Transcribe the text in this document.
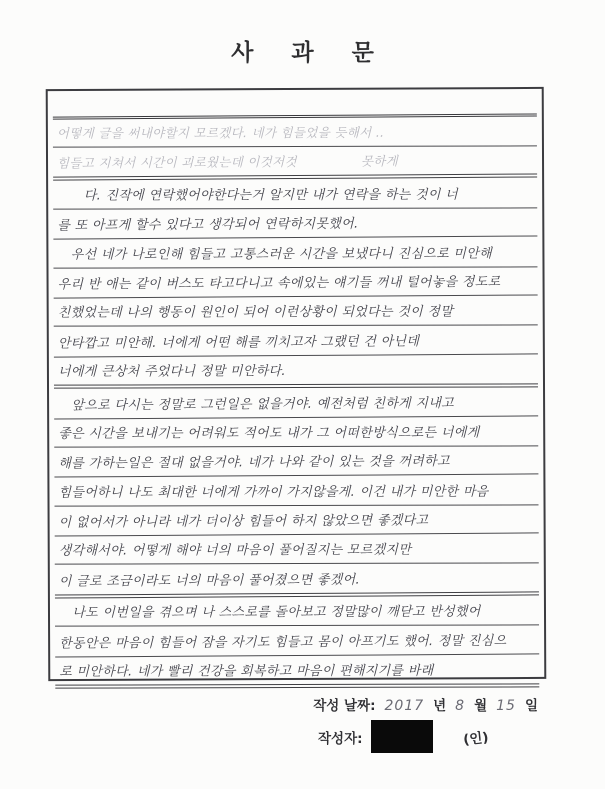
사 과 문

어떻게 글을 써내야할지 모르겠다. 네가 힘들었을 듯해서 ‥
힘들고 지쳐서 시간이 괴로웠는데 이것저것　　　　　못하게
　　다. 진작에 연락했어야한다는거 알지만 내가 연락을 하는 것이 너
를 또 아프게 할수 있다고 생각되어 연락하지못했어.
　우선 네가 나로인해 힘들고 고통스러운 시간을 보냈다니 진심으로 미안해
우리 반 애는 같이 버스도 타고다니고 속에있는 얘기들 꺼내 털어놓을 정도로
친했었는데 나의 행동이 원인이 되어 이런상황이 되었다는 것이 정말
안타깝고 미안해. 너에게 어떤 해를 끼치고자 그랬던 건 아닌데
너에게 큰상처 주었다니 정말 미안하다.
　앞으로 다시는 정말로 그런일은 없을거야. 예전처럼 친하게 지내고
좋은 시간을 보내기는 어려워도 적어도 내가 그 어떠한방식으로든 너에게
해를 가하는일은 절대 없을거야. 네가 나와 같이 있는 것을 꺼려하고
힘들어하니 나도 최대한 너에게 가까이 가지않을게. 이건 내가 미안한 마음
이 없어서가 아니라 네가 더이상 힘들어 하지 않았으면 좋겠다고
생각해서야. 어떻게 해야 너의 마음이 풀어질지는 모르겠지만
이 글로 조금이라도 너의 마음이 풀어졌으면 좋겠어.
　나도 이번일을 겪으며 나 스스로를 돌아보고 정말많이 깨닫고 반성했어
한동안은 마음이 힘들어 잠을 자기도 힘들고 몸이 아프기도 했어. 정말 진심으
로 미안하다. 네가 빨리 건강을 회복하고 마음이 편해지기를 바래
작성 날짜: 2017 년 8 월 15 일
작성자:	(인)
